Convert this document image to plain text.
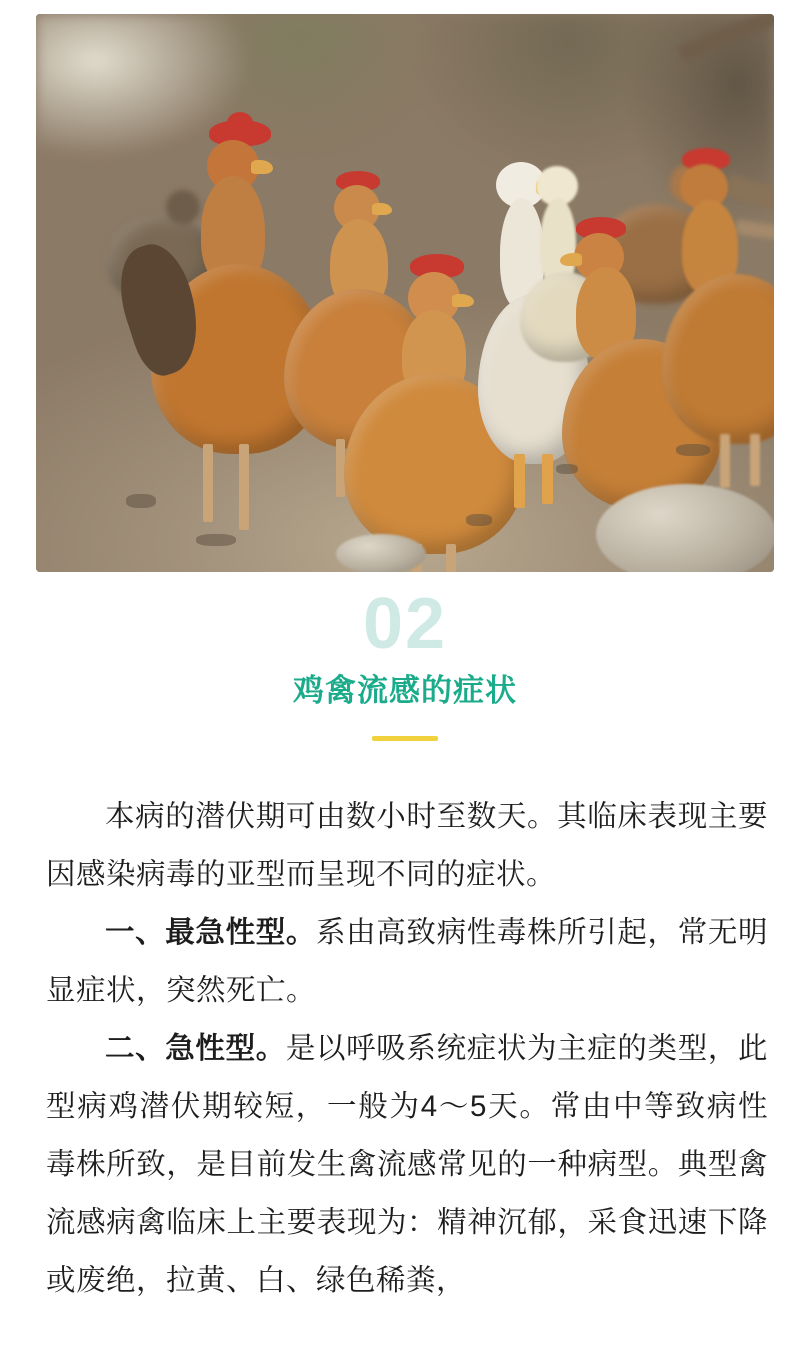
02
鸡禽流感的症状

本病的潜伏期可由数小时至数天。其临床表现主要因感染病毒的亚型而呈现不同的症状。

一、最急性型。系由高致病性毒株所引起，常无明显症状，突然死亡。

二、急性型。是以呼吸系统症状为主症的类型，此型病鸡潜伏期较短，一般为4～5天。常由中等致病性毒株所致，是目前发生禽流感常见的一种病型。典型禽流感病禽临床上主要表现为：精神沉郁，采食迅速下降或废绝，拉黄、白、绿色稀粪，
